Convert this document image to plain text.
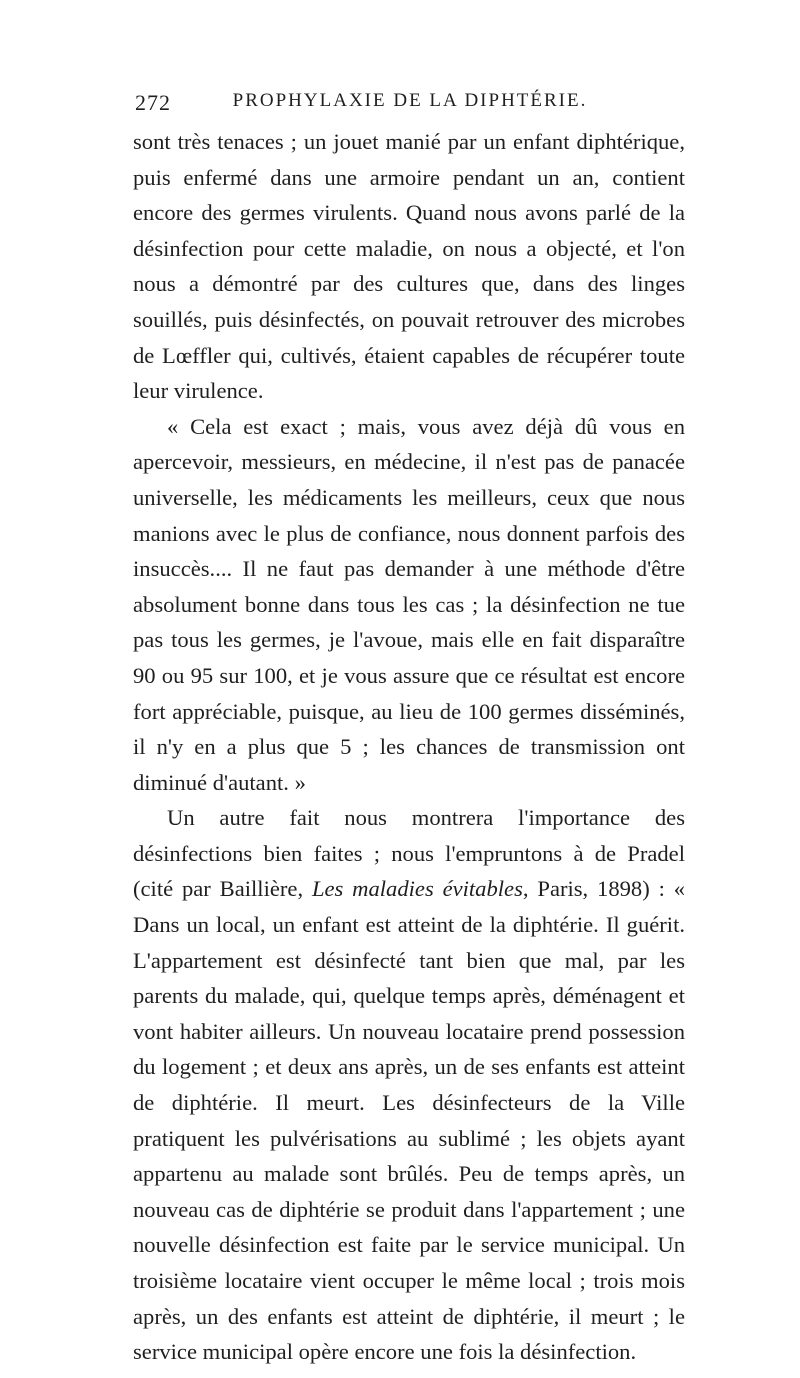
272	PROPHYLAXIE DE LA DIPHTÉRIE.

sont très tenaces ; un jouet manié par un enfant diphtérique, puis enfermé dans une armoire pendant un an, contient encore des germes virulents. Quand nous avons parlé de la désinfection pour cette maladie, on nous a objecté, et l'on nous a démontré par des cultures que, dans des linges souillés, puis désinfectés, on pouvait retrouver des microbes de Lœffler qui, cultivés, étaient capables de récupérer toute leur virulence.

« Cela est exact ; mais, vous avez déjà dû vous en apercevoir, messieurs, en médecine, il n'est pas de panacée universelle, les médicaments les meilleurs, ceux que nous manions avec le plus de confiance, nous donnent parfois des insuccès.... Il ne faut pas demander à une méthode d'être absolument bonne dans tous les cas ; la désinfection ne tue pas tous les germes, je l'avoue, mais elle en fait disparaître 90 ou 95 sur 100, et je vous assure que ce résultat est encore fort appréciable, puisque, au lieu de 100 germes disséminés, il n'y en a plus que 5 ; les chances de transmission ont diminué d'autant. »

Un autre fait nous montrera l'importance des désinfections bien faites ; nous l'empruntons à de Pradel (cité par Baillière, Les maladies évitables, Paris, 1898) : « Dans un local, un enfant est atteint de la diphtérie. Il guérit. L'appartement est désinfecté tant bien que mal, par les parents du malade, qui, quelque temps après, déménagent et vont habiter ailleurs. Un nouveau locataire prend possession du logement ; et deux ans après, un de ses enfants est atteint de diphtérie. Il meurt. Les désinfecteurs de la Ville pratiquent les pulvérisations au sublimé ; les objets ayant appartenu au malade sont brûlés. Peu de temps après, un nouveau cas de diphtérie se produit dans l'appartement ; une nouvelle désinfection est faite par le service municipal. Un troisième locataire vient occuper le même local ; trois mois après, un des enfants est atteint de diphtérie, il meurt ; le service municipal opère encore une fois la désinfection.
